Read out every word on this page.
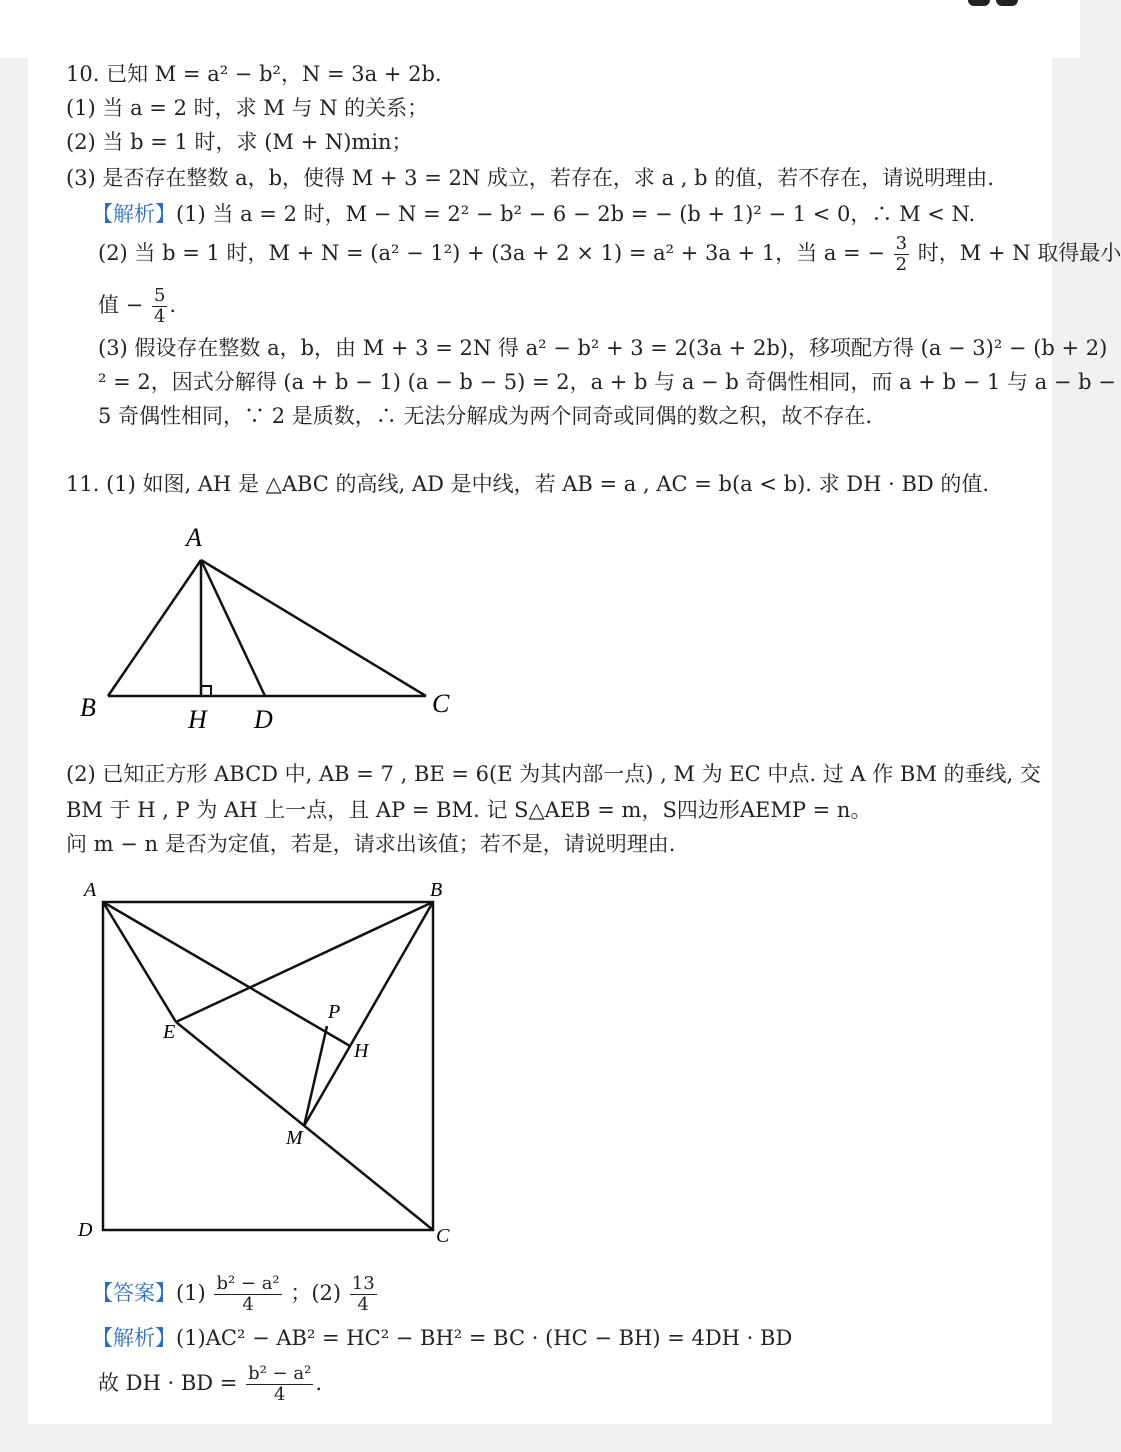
10. 已知 M = a² − b²，N = 3a + 2b.
(1) 当 a = 2 时，求 M 与 N 的关系；
(2) 当 b = 1 时，求 (M + N)min；
(3) 是否存在整数 a，b，使得 M + 3 = 2N 成立，若存在，求 a , b 的值，若不存在，请说明理由.
【解析】(1) 当 a = 2 时，M − N = 2² − b² − 6 − 2b = − (b + 1)² − 1 < 0，∴ M < N.
(2) 当 b = 1 时，M + N = (a² − 1²) + (3a + 2 × 1) = a² + 3a + 1，当 a = − $\frac{3}{2}$ 时，M + N 取得最小
值 − $\frac{5}{4}$ .
(3) 假设存在整数 a，b，由 M + 3 = 2N 得 a² − b² + 3 = 2(3a + 2b)，移项配方得 (a − 3)² − (b + 2)
² = 2，因式分解得 (a + b − 1) (a − b − 5) = 2，a + b 与 a − b 奇偶性相同，而 a + b − 1 与 a − b −
5 奇偶性相同，∵ 2 是质数，∴ 无法分解成为两个同奇或同偶的数之积，故不存在.
11. (1) 如图, AH 是 △ABC 的高线, AD 是中线，若 AB = a , AC = b(a < b). 求 DH · BD 的值.
A
B	C
H D
(2) 已知正方形 ABCD 中, AB = 7 , BE = 6(E 为其内部一点) , M 为 EC 中点. 过 A 作 BM 的垂线, 交
BM 于 H , P 为 AH 上一点，且 AP = BM. 记 S△AEB = m，S四边形AEMP = n。
问 m − n 是否为定值，若是，请求出该值；若不是，请说明理由.
A	B
C
D
E
P
H
M
【答案】$(1) \frac{\text{b² − a²}}{4}$ ；$(2) \frac{13}{4}$
【解析】(1)AC² − AB² = HC² − BH² = BC · (HC − BH) = 4DH · BD
故 DH · BD = $\frac{\text{b² − a²}}{4}$ .
